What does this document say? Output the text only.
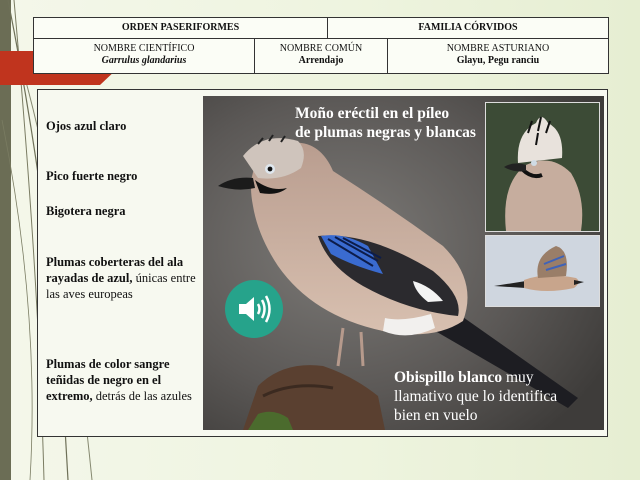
ORDEN PASERIFORMES	FAMILIA CÓRVIDOS
NOMBRE CIENTÍFICO
Garrulus glandarius
NOMBRE COMÚN
Arrendajo
NOMBRE ASTURIANO
Glayu, Pegu ranciu
Ojos azul claro
Pico fuerte negro
Bigotera negra
Plumas coberteras del ala rayadas de azul, únicas entre las aves europeas
Plumas de color sangre teñidas de negro en el extremo, detrás de las azules
Moño eréctil en el píleo
de plumas negras y blancas
Obispillo blanco muy llamativo que lo identifica bien en vuelo
